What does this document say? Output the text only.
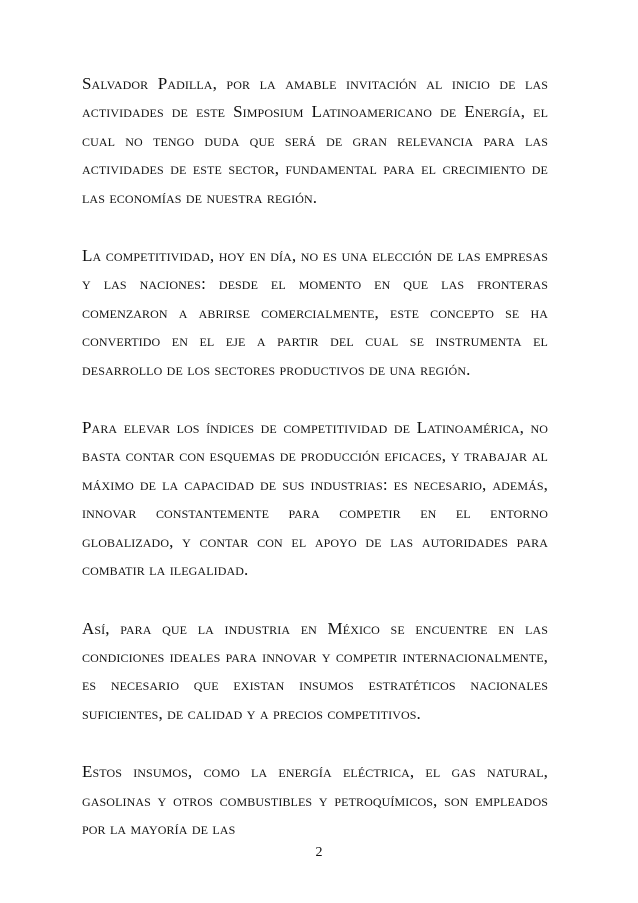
Salvador Padilla, por la amable invitación al inicio de las actividades de este Simposium Latinoamericano de Energía, el cual no tengo duda que será de gran relevancia para las actividades de este sector, fundamental para el crecimiento de las economías de nuestra región.

La competitividad, hoy en día, no es una elección de las empresas y las naciones: desde el momento en que las fronteras comenzaron a abrirse comercialmente, este concepto se ha convertido en el eje a partir del cual se instrumenta el desarrollo de los sectores productivos de una región.

Para elevar los índices de competitividad de Latinoamérica, no basta contar con esquemas de producción eficaces, y trabajar al máximo de la capacidad de sus industrias: es necesario, además, innovar constantemente para competir en el entorno globalizado, y contar con el apoyo de las autoridades para combatir la ilegalidad.

Así, para que la industria en México se encuentre en las condiciones ideales para innovar y competir internacionalmente, es necesario que existan insumos estratéticos nacionales suficientes, de calidad y a precios competitivos.

Estos insumos, como la energía eléctrica, el gas natural, gasolinas y otros combustibles y petroquímicos, son empleados por la mayoría de las

2
